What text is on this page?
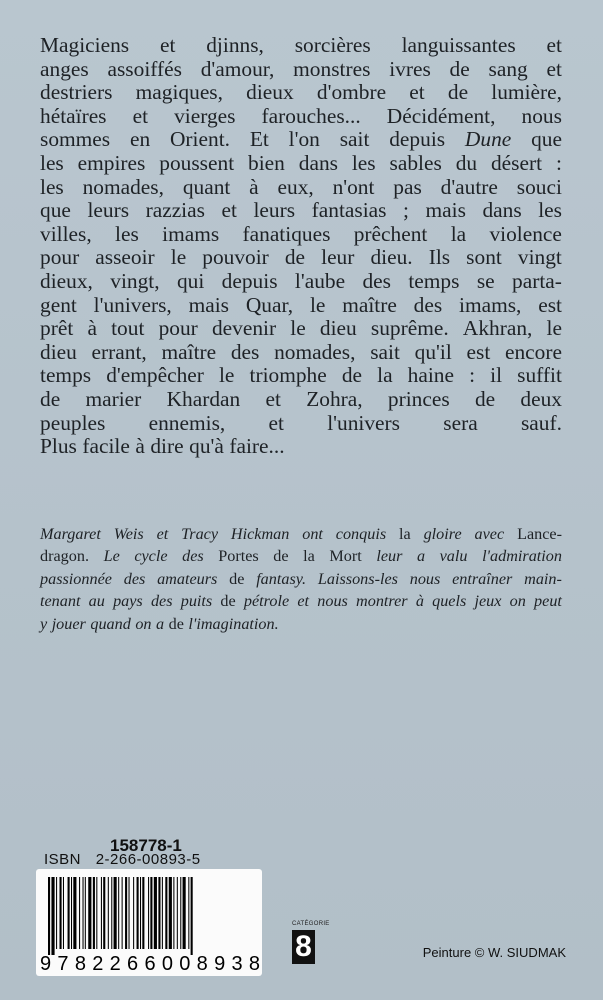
Magiciens et djinns, sorcières languissantes et
anges assoiffés d'amour, monstres ivres de sang et
destriers magiques, dieux d'ombre et de lumière,
hétaïres et vierges farouches... Décidément, nous
sommes en Orient. Et l'on sait depuis Dune que
les empires poussent bien dans les sables du désert :
les nomades, quant à eux, n'ont pas d'autre souci
que leurs razzias et leurs fantasias ; mais dans les
villes, les imams fanatiques prêchent la violence
pour asseoir le pouvoir de leur dieu. Ils sont vingt
dieux, vingt, qui depuis l'aube des temps se parta-
gent l'univers, mais Quar, le maître des imams, est
prêt à tout pour devenir le dieu suprême. Akhran, le
dieu errant, maître des nomades, sait qu'il est encore
temps d'empêcher le triomphe de la haine : il suffit
de marier Khardan et Zohra, princes de deux
peuples ennemis, et l'univers sera sauf.
Plus facile à dire qu'à faire...
Margaret Weis et Tracy Hickman ont conquis la gloire avec Lance-
dragon. Le cycle des Portes de la Mort leur a valu l'admiration
passionnée des amateurs de fantasy. Laissons-les nous entraîner main-
tenant au pays des puits de pétrole et nous montrer à quels jeux on peut
y jouer quand on a de l'imagination.
158778-1
ISBN 2-266-00893-5
9 7 8 2 2 6 6 0 0 8 9 3 8
CATÉGORIE
8	Peinture © W. SIUDMAK
